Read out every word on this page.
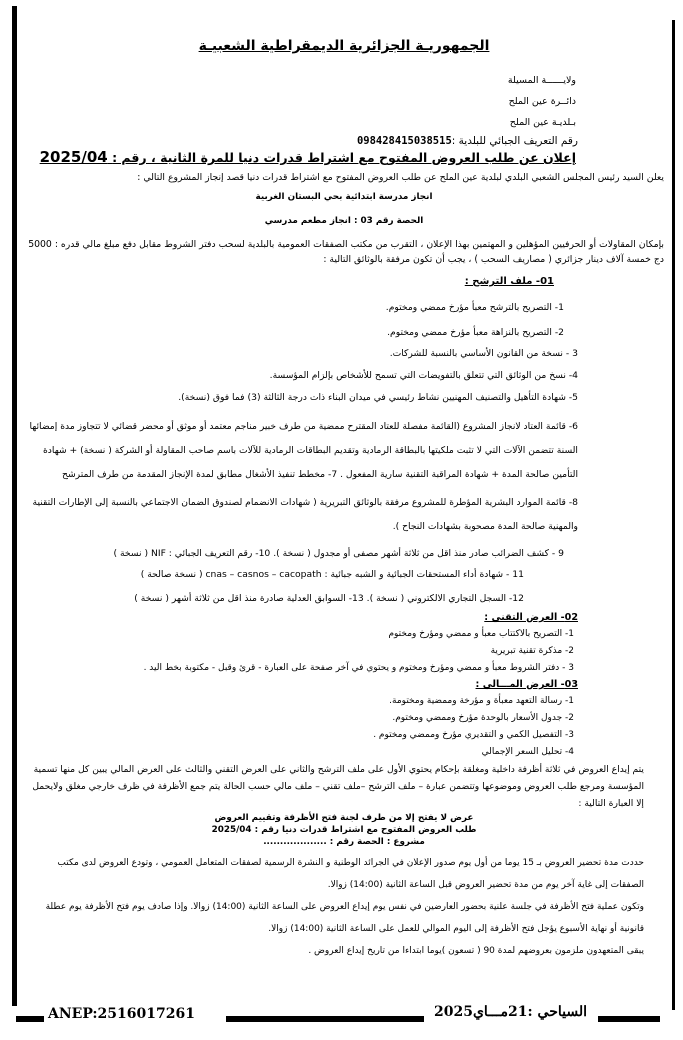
الجمهوريـة الجزائرية الديمقراطية الشعبيـة
ولايــــــة المسيلة
دائــرة عين الملح
بـلديـة عين الملح
رقم التعريف الجبائي للبلدية :098428415038515
إعلان عن طلب العروض المفتوح مع اشتراط قدرات دنيا للمرة الثانية ، رقم : 2025/04
يعلن السيد رئيس المجلس الشعبي البلدي لبلدية عين الملح عن طلب العروض المفتوح مع اشتراط قدرات دنيا قصد إنجاز المشروع التالي :
انجاز مدرسة ابتدائية بحي البستان الغربية
الحصة رقم 03 : انجاز مطعم مدرسي
بإمكان المقاولات أو الحرفيين المؤهلين و المهتمين بهذا الإعلان ، التقرب من مكتب الصفقات العمومية بالبلدية لسحب دفتر الشروط مقابل دفع مبلغ مالي قدره : 5000 دج خمسة آلاف دينار جزائري ( مصاريف السحب ) ، يجب أن تكون مرفقة بالوثائق التالية :
01- ملف الترشح :
1- التصريح بالترشح معبأ مؤرخ ممضي ومختوم.
2- التصريح بالنزاهة معبأ مؤرخ ممضي ومختوم.
3 - نسخة من القانون الأساسي بالنسبة للشركات.
4- نسخ من الوثائق التي تتعلق بالتفويضات التي تسمح للأشخاص بإلزام المؤسسة.
5- شهادة التأهيل والتصنيف المهنيين نشاط رئيسي في ميدان البناء ذات درجة الثالثة (3) فما فوق (نسخة).
6- قائمة العتاد لانجاز المشروع (القائمة مفصلة للعتاد المقترح ممضية من طرف خبير مناجم معتمد أو موثق أو محضر قضائي لا تتجاوز مدة إمضائها السنة تتضمن الآلات التي لا تثبت ملكيتها بالبطاقة الرمادية وتقديم البطاقات الرمادية للآلات باسم صاحب المقاولة أو الشركة ( نسخة) + شهادة التأمين صالحة المدة + شهادة المراقبة التقنية سارية المفعول . 7- مخطط تنفيذ الأشغال مطابق لمدة الإنجاز المقدمة من طرف المترشح
8- قائمة الموارد البشرية المؤطرة للمشروع مرفقة بالوثائق التبريرية ( شهادات الانضمام لصندوق الضمان الاجتماعي بالنسبة إلى الإطارات التقنية والمهنية صالحة المدة مصحوبة بشهادات النجاح ).
9 - كشف الضرائب صادر منذ اقل من ثلاثة أشهر مصفى أو مجدول ( نسخة ). 10- رقم التعريف الجبائي : NIF ( نسخة )
11 - شهادة أداء المستحقات الجبائية و الشبه جبائية : cnas – casnos – cacopath ( نسخة صالحة )
12- السجل التجاري الالكتروني ( نسخة ). 13- السوابق العدلية صادرة منذ اقل من ثلاثة أشهر ( نسخة )
02- العرض التقني :
1- التصريح بالاكتتاب معبأ و ممضي ومؤرخ ومختوم
2- مذكرة تقنية تبريرية
3 - دفتر الشروط معبأ و ممضي ومؤرخ ومختوم و يحتوي في آخر صفحة على العبارة - قرئ وقبل - مكتوبة بخط اليد .
03- العرض المـــالي :
1- رسالة التعهد معبأة و مؤرخة وممضية ومختومة.
2- جدول الأسعار بالوحدة مؤرخ وممضي ومختوم.
3- التفصيل الكمي و التقديري مؤرخ وممضي ومختوم .
4- تحليل السعر الإجمالي
يتم إيداع العروض في ثلاثة أظرفة داخلية ومغلقة بإحكام يحتوي الأول على ملف الترشح والثاني على العرض التقني والثالث على العرض المالي يبين كل منها تسمية المؤسسة ومرجع طلب العروض وموضوعها وتتضمن عبارة – ملف الترشح –ملف تقني – ملف مالي حسب الحالة يتم جمع الأظرفة في ظرف خارجي مغلق ولايحمل إلا العبارة التالية :
عرض لا يفتح إلا من طرف لجنة فتح الأظرفة وتقييم العروض
طلب العروض المفتوح مع اشتراط قدرات دنيا رقم : 2025/04
مشروع : الحصة رقم : ...................
حددت مدة تحضير العروض بـ 15 يوما من أول يوم صدور الإعلان في الجرائد الوطنية و النشرة الرسمية لصفقات المتعامل العمومي ، وتودع العروض لدى مكتب الصفقات إلى غاية آخر يوم من مدة تحضير العروض قبل الساعة الثانية (14:00) زوالا.
وتكون عملية فتح الأظرفة في جلسة علنية بحضور العارضين في نفس يوم إيداع العروض على الساعة الثانية (14:00) زوالا. وإذا صادف يوم فتح الأظرفة يوم عطلة قانونية أو نهاية الأسبوع يؤجل فتح الأظرفة إلى اليوم الموالي للعمل على الساعة الثانية (14:00) زوالا.
يبقى المتعهدون ملزمون بعروضهم لمدة 90 ( تسعون )يوما ابتداءا من تاريخ إيداع العروض .
ANEP:2516017261	السياحي :21مـــاي2025
